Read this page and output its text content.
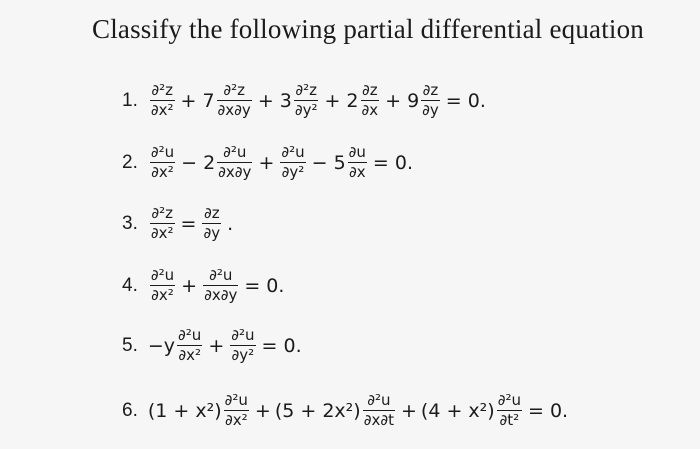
Classify the following partial differential equation
1. $\frac{\text{∂²z}}{\text{∂x²}} + 7 \frac{\text{∂²z}}{\partial x\partial y} + 3 \frac{\text{∂²z}}{\text{∂y²}} + 2 \frac{\partial z}{\partial x} + 9 \frac{\partial z}{\partial y} = 0$.
2. $\frac{\text{∂²u}}{\text{∂x²}} - 2 \frac{\text{∂²u}}{\partial x\partial y} + \frac{\text{∂²u}}{\text{∂y²}} - 5 \frac{\partial u}{\partial x} = 0$.
3. $\frac{\text{∂²z}}{\text{∂x²}} = \frac{\partial z}{\partial y}$ .
4. $\frac{\text{∂²u}}{\text{∂x²}} + \frac{\text{∂²u}}{\partial x\partial y} = 0$.
5. $-y \frac{\text{∂²u}}{\text{∂x²}} + \frac{\text{∂²u}}{\text{∂y²}} = 0$.
6. $(1 + x^2) \frac{\text{∂²u}}{\text{∂x²}} + (5 + 2x^2) \frac{\text{∂²u}}{\partial x\partial t} + (4 + x^2) \frac{\text{∂²u}}{\text{∂t²}} = 0$.
